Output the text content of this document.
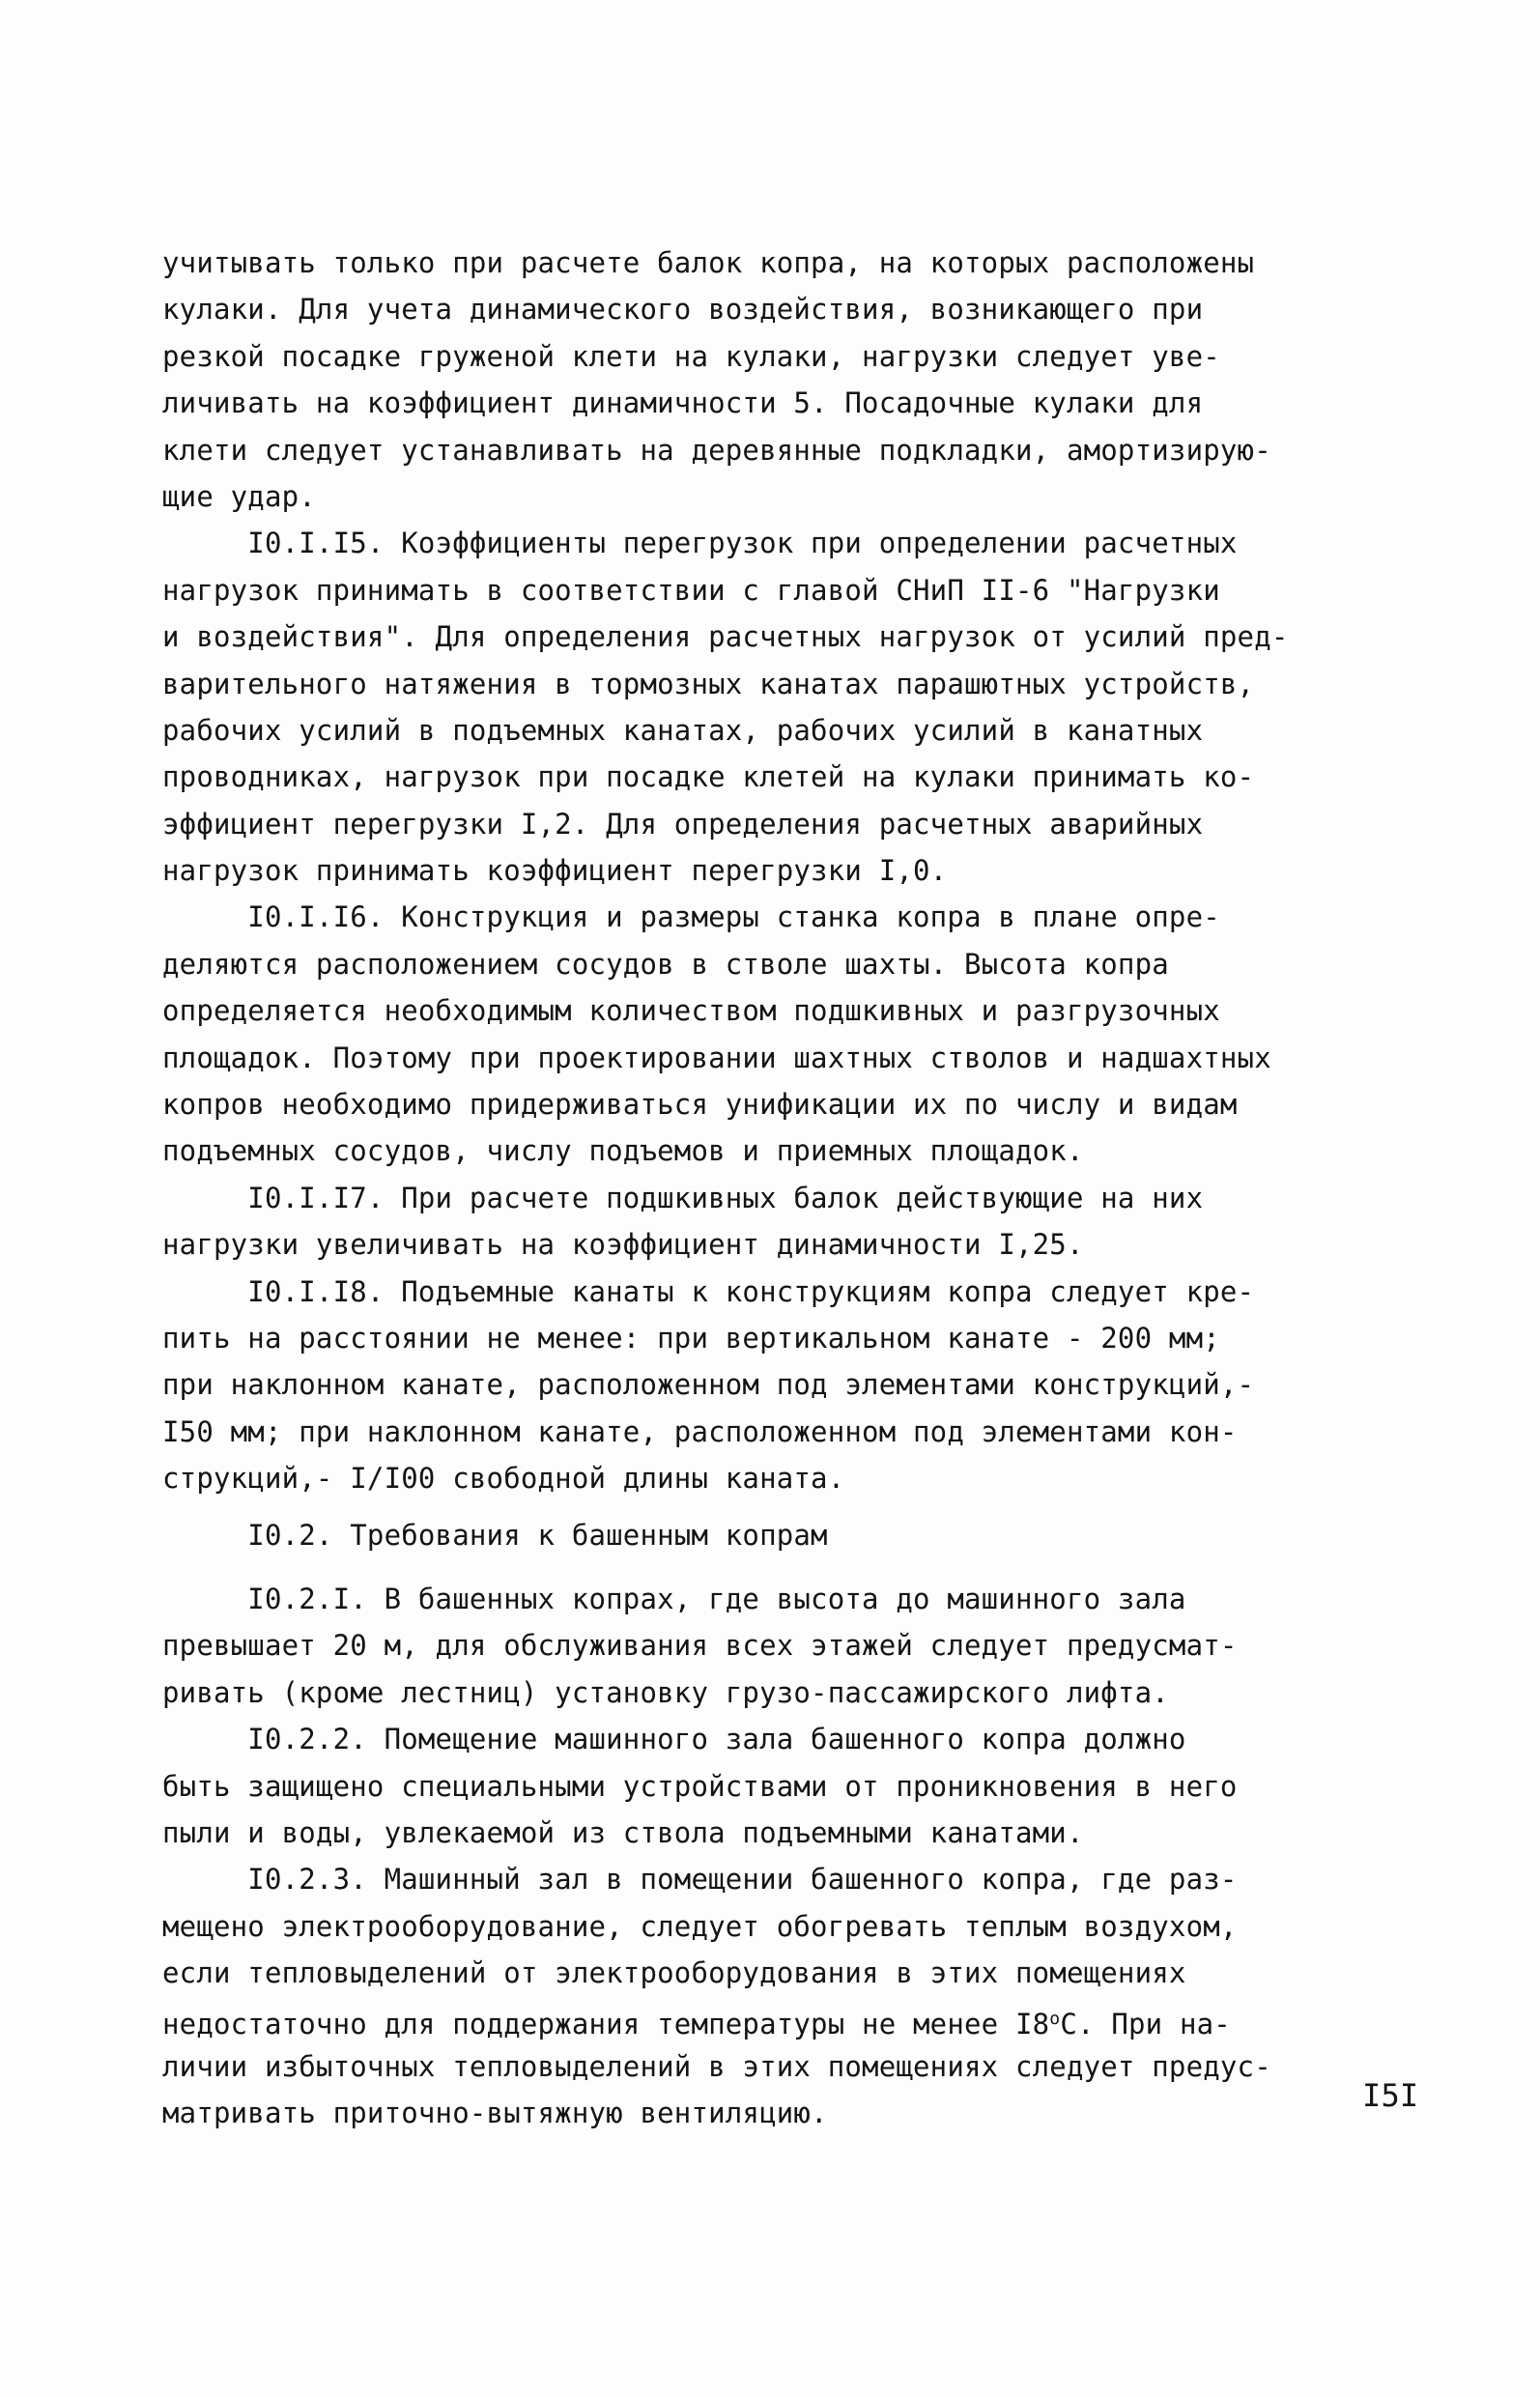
учитывать только при расчете балок копра, на которых расположены
кулаки. Для учета динамического воздействия, возникающего при
резкой посадке груженой клети на кулаки, нагрузки следует уве-
личивать на коэффициент динамичности 5. Посадочные кулаки для
клети следует устанавливать на деревянные подкладки, амортизирую-
щие удар.
I0.I.I5. Коэффициенты перегрузок при определении расчетных
нагрузок принимать в соответствии с главой СНиП II-6 "Нагрузки
и воздействия". Для определения расчетных нагрузок от усилий пред-
варительного натяжения в тормозных канатах парашютных устройств,
рабочих усилий в подъемных канатах, рабочих усилий в канатных
проводниках, нагрузок при посадке клетей на кулаки принимать ко-
эффициент перегрузки I,2. Для определения расчетных аварийных
нагрузок принимать коэффициент перегрузки I,0.
I0.I.I6. Конструкция и размеры станка копра в плане опре-
деляются расположением сосудов в стволе шахты. Высота копра
определяется необходимым количеством подшкивных и разгрузочных
площадок. Поэтому при проектировании шахтных стволов и надшахтных
копров необходимо придерживаться унификации их по числу и видам
подъемных сосудов, числу подъемов и приемных площадок.
I0.I.I7. При расчете подшкивных балок действующие на них
нагрузки увеличивать на коэффициент динамичности I,25.
I0.I.I8. Подъемные канаты к конструкциям копра следует кре-
пить на расстоянии не менее: при вертикальном канате - 200 мм;
при наклонном канате, расположенном под элементами конструкций,-
I50 мм; при наклонном канате, расположенном под элементами кон-
струкций,- I/I00 свободной длины каната.
I0.2. Требования к башенным копрам
I0.2.I. В башенных копрах, где высота до машинного зала
превышает 20 м, для обслуживания всех этажей следует предусмат-
ривать (кроме лестниц) установку грузо-пассажирского лифта.
I0.2.2. Помещение машинного зала башенного копра должно
быть защищено специальными устройствами от проникновения в него
пыли и воды, увлекаемой из ствола подъемными канатами.
I0.2.3. Машинный зал в помещении башенного копра, где раз-
мещено электрооборудование, следует обогревать теплым воздухом,
если тепловыделений от электрооборудования в этих помещениях
недостаточно для поддержания температуры не менее I8$^o$С. При на-
личии избыточных тепловыделений в этих помещениях следует предус-
матривать приточно-вытяжную вентиляцию.	I5I
